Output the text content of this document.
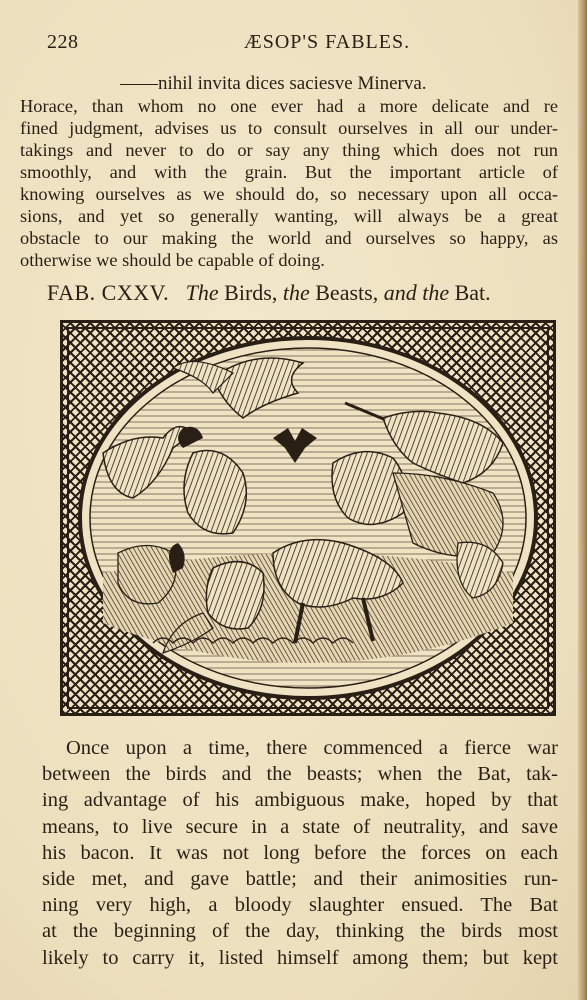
228	ÆSOP'S FABLES.
——nihil invita dices saciesve Minerva.
Horace, than whom no one ever had a more delicate and re
fined judgment, advises us to consult ourselves in all our under-
takings and never to do or say any thing which does not run
smoothly, and with the grain. But the important article of
knowing ourselves as we should do, so necessary upon all occa-
sions, and yet so generally wanting, will always be a great
obstacle to our making the world and ourselves so happy, as
otherwise we should be capable of doing.
FAB. CXXV. The Birds, the Beasts, and the Bat.
Once upon a time, there commenced a fierce war
between the birds and the beasts; when the Bat, tak-
ing advantage of his ambiguous make, hoped by that
means, to live secure in a state of neutrality, and save
his bacon. It was not long before the forces on each
side met, and gave battle; and their animosities run-
ning very high, a bloody slaughter ensued. The Bat
at the beginning of the day, thinking the birds most
likely to carry it, listed himself among them; but kept
